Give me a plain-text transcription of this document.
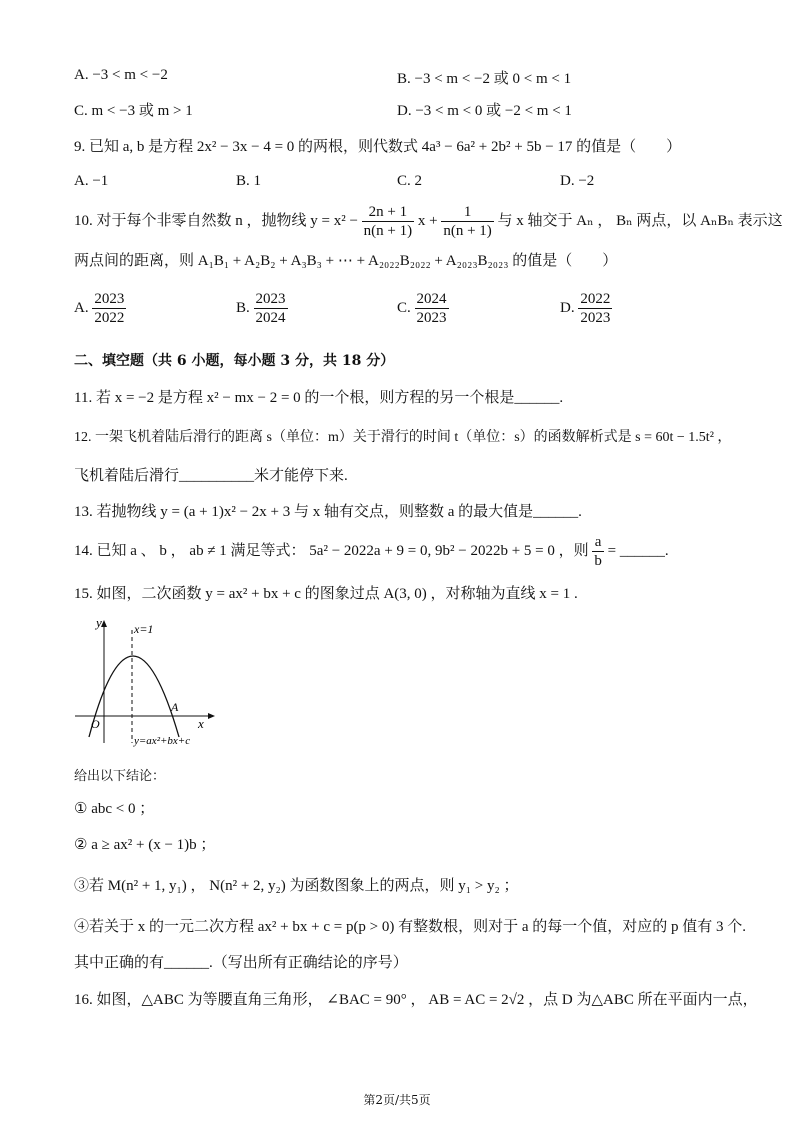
A. −3 < m < −2	B. −3 < m < −2 或 0 < m < 1
C. m < −3 或 m > 1	D. −3 < m < 0 或 −2 < m < 1
9. 已知 a, b 是方程 2x² − 3x − 4 = 0 的两根，则代数式 4a³ − 6a² + 2b² + 5b − 17 的值是（　　）
A. −1	B. 1	C. 2	D. −2
10. 对于每个非零自然数 n ，抛物线 $y = x^2 - \frac{2n + 1}{n(n + 1)}$ $x + \frac{1}{n(n + 1)}$ 与 x 轴交于 Aₙ ， Bₙ 两点，以 AₙBₙ 表示这
两点间的距离，则 A₁B₁ + A₂B₂ + A₃B₃ + ⋯ + A₂₀₂₂B₂₀₂₂ + A₂₀₂₃B₂₀₂₃ 的值是（　　）
A. $\frac{2023}{2022}$	B. $\frac{2023}{2024}$	C. $\frac{2024}{2023}$	D. $\frac{2022}{2023}$
二、填空题（共 6 小题，每小题 3 分，共 18 分）
11. 若 x = −2 是方程 x² − mx − 2 = 0 的一个根，则方程的另一个根是______.
12. 一架飞机着陆后滑行的距离 s（单位：m）关于滑行的时间 t（单位：s）的函数解析式是 s = 60t − 1.5t² ，
飞机着陆后滑行__________米才能停下来.
13. 若抛物线 y = (a + 1)x² − 2x + 3 与 x 轴有交点，则整数 a 的最大值是______.
14. 已知 a 、 b ， ab ≠ 1 满足等式： 5a² − 2022a + 9 = 0, 9b² − 2022b + 5 = 0 ，则 $\frac{a}{b}$ = ______.
15. 如图，二次函数 y = ax² + bx + c 的图象过点 A(3, 0) ，对称轴为直线 x = 1 .
y
x
x=1
O
A
y=ax²+bx+c
给出以下结论：
① abc < 0 ；
② a ≥ ax² + (x − 1)b ；
③若 M(n² + 1, y₁) ， N(n² + 2, y₂) 为函数图象上的两点，则 y₁ > y₂ ；
④若关于 x 的一元二次方程 ax² + bx + c = p(p > 0) 有整数根，则对于 a 的每一个值，对应的 p 值有 3 个.
其中正确的有______.（写出所有正确结论的序号）
16. 如图，△ABC 为等腰直角三角形， ∠BAC = 90° ， AB = AC = 2√2 ，点 D 为△ABC 所在平面内一点，
第2页/共5页
